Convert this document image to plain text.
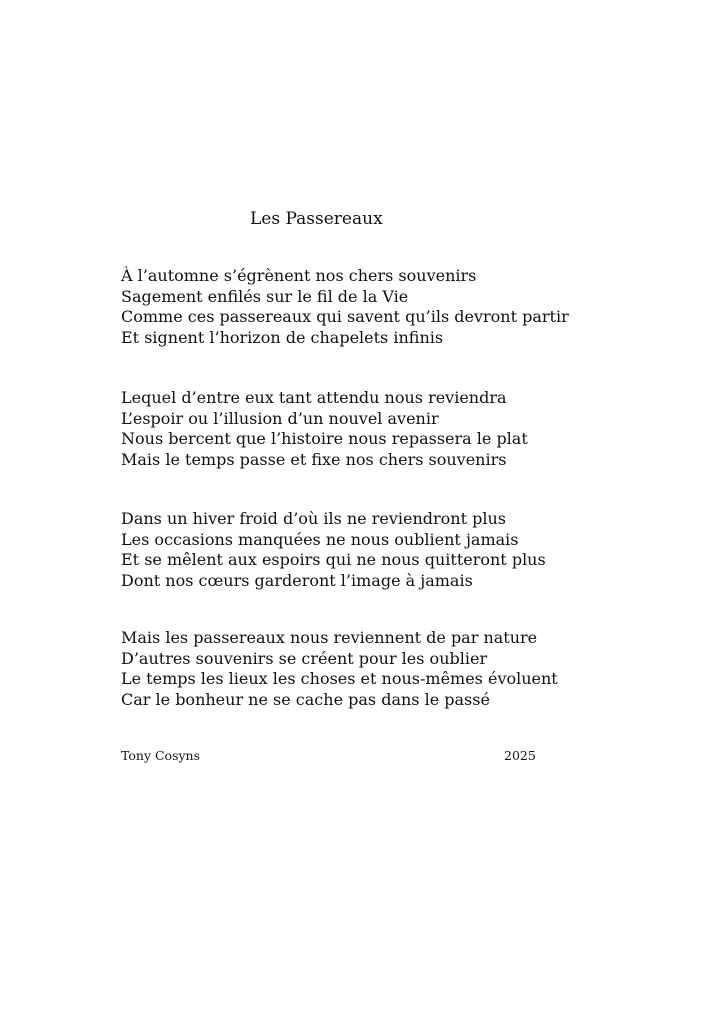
Les Passereaux
À l’automne s’égrènent nos chers souvenirs
Sagement enfilés sur le fil de la Vie
Comme ces passereaux qui savent qu’ils devront partir
Et signent l’horizon de chapelets infinis
Lequel d’entre eux tant attendu nous reviendra
L’espoir ou l’illusion d’un nouvel avenir
Nous bercent que l’histoire nous repassera le plat
Mais le temps passe et fixe nos chers souvenirs
Dans un hiver froid d’où ils ne reviendront plus
Les occasions manquées ne nous oublient jamais
Et se mêlent aux espoirs qui ne nous quitteront plus
Dont nos cœurs garderont l’image à jamais
Mais les passereaux nous reviennent de par nature
D’autres souvenirs se créent pour les oublier
Le temps les lieux les choses et nous-mêmes évoluent
Car le bonheur ne se cache pas dans le passé
Tony Cosyns	2025
